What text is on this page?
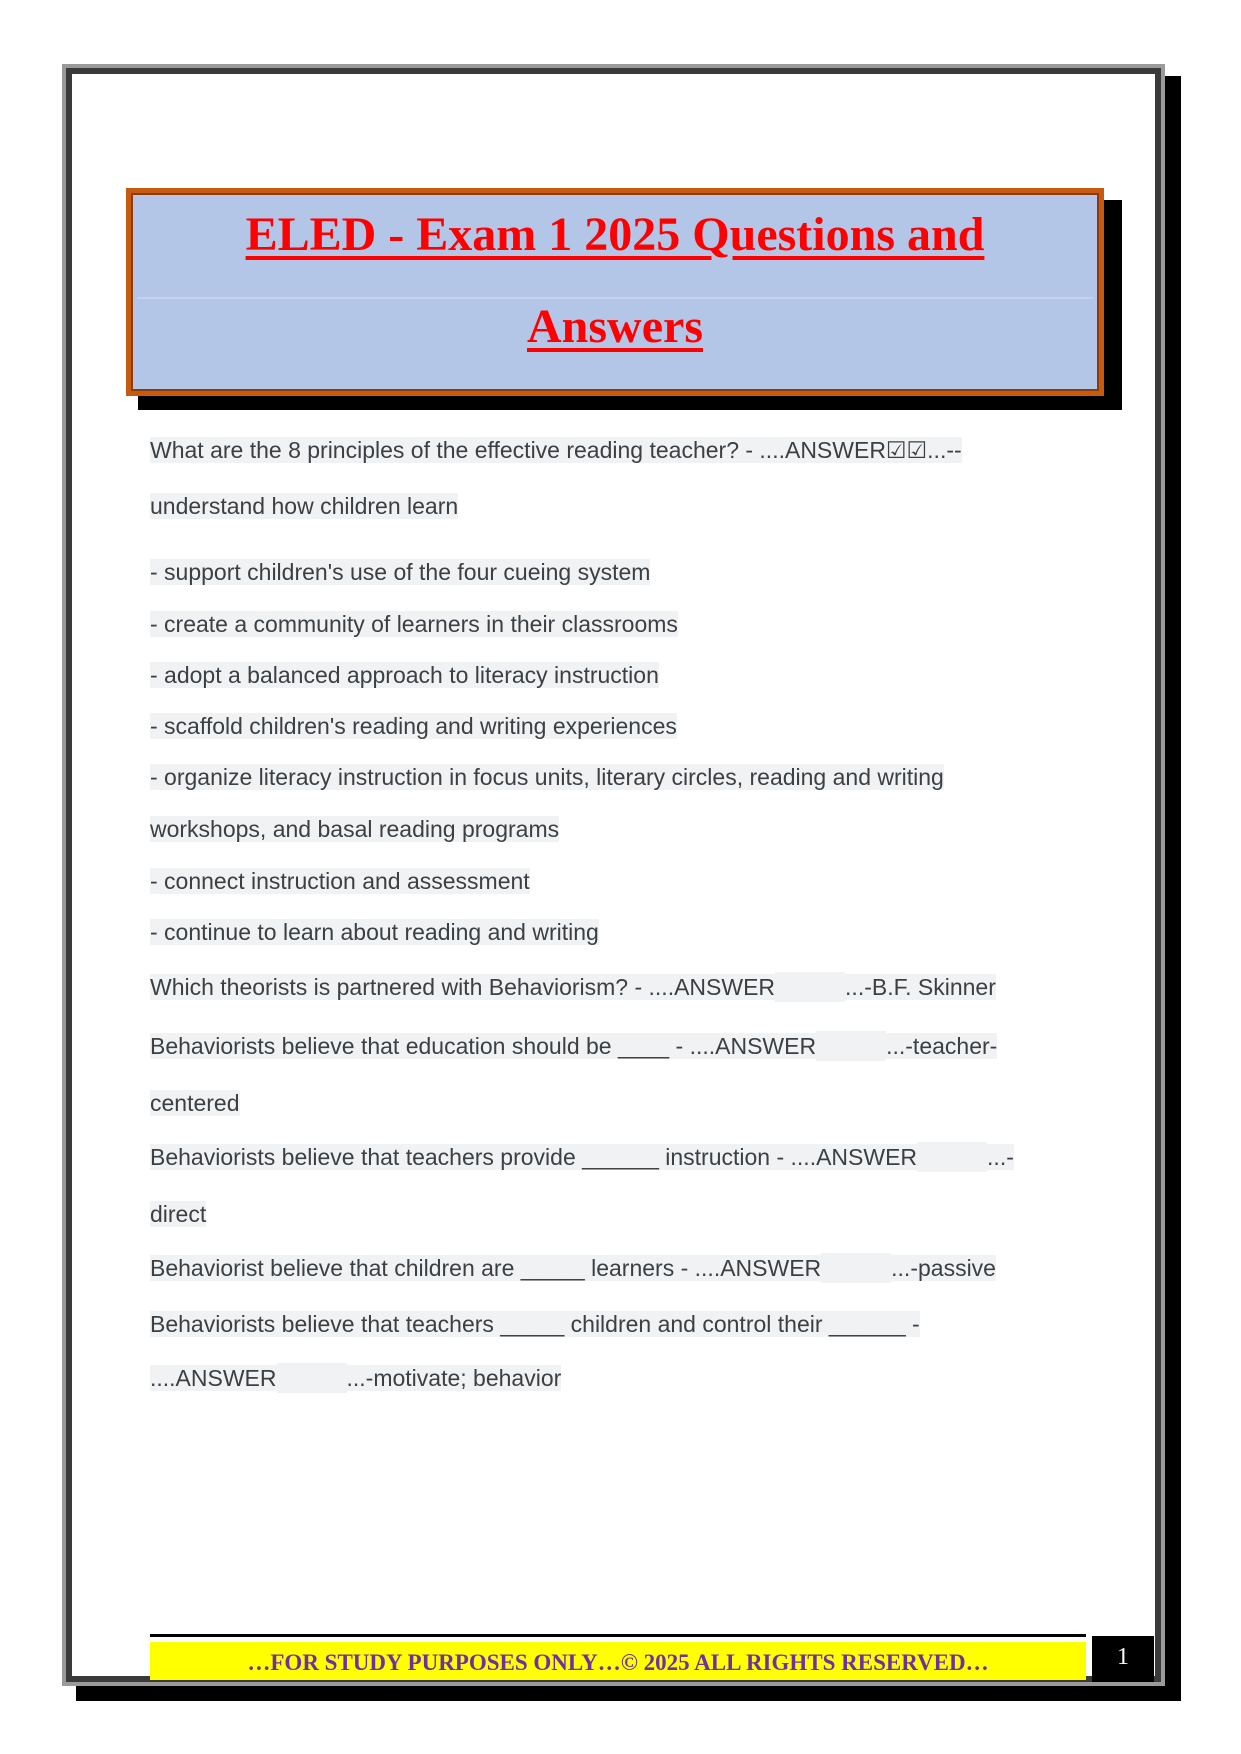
ELED - Exam 1 2025 Questions and
Answers

What are the 8 principles of the effective reading teacher? - ....ANSWER☑☑...--

understand how children learn

- support children's use of the four cueing system

- create a community of learners in their classrooms

- adopt a balanced approach to literacy instruction

- scaffold children's reading and writing experiences

- organize literacy instruction in focus units, literary circles, reading and writing

workshops, and basal reading programs

- connect instruction and assessment

- continue to learn about reading and writing

Which theorists is partnered with Behaviorism? - ....ANSWER	...-B.F. Skinner

Behaviorists believe that education should be ____ - ....ANSWER	...-teacher-

centered

Behaviorists believe that teachers provide ______ instruction - ....ANSWER	...-

direct

Behaviorist believe that children are _____ learners - ....ANSWER	...-passive

Behaviorists believe that teachers _____ children and control their ______ -

....ANSWER	...-motivate; behavior

…FOR STUDY PURPOSES ONLY…© 2025 ALL RIGHTS RESERVED…	1
